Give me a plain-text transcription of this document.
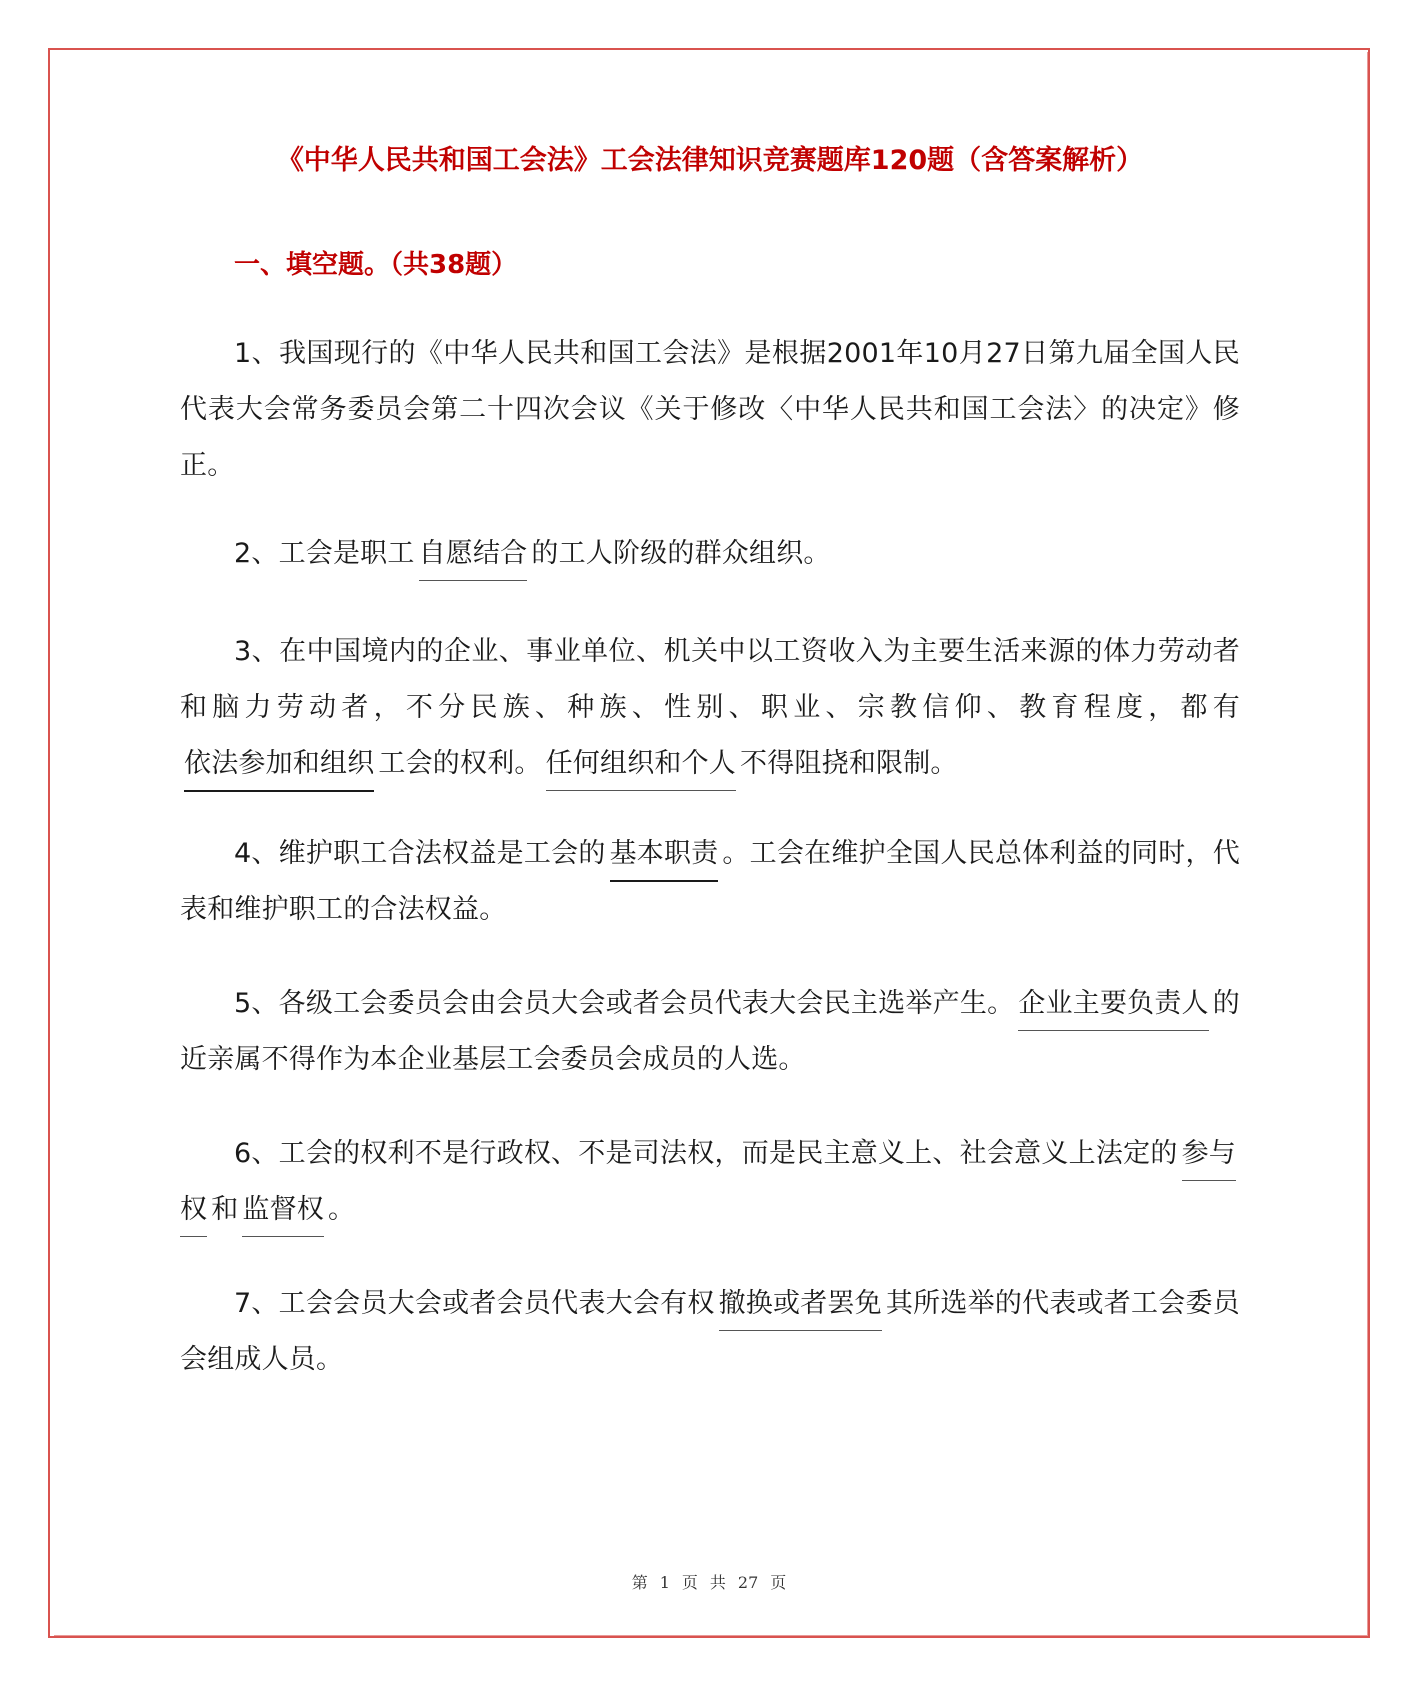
《中华人民共和国工会法》工会法律知识竞赛题库120题（含答案解析）
一、填空题。（共38题）
1、我国现行的《中华人民共和国工会法》是根据2001年10月27日第九届全国人民代表大会常务委员会第二十四次会议《关于修改〈中华人民共和国工会法〉的决定》修正。
2、工会是职工 自愿结合 的工人阶级的群众组织。
3、在中国境内的企业、事业单位、机关中以工资收入为主要生活来源的体力劳动者和脑力劳动者，不分民族、种族、性别、职业、宗教信仰、教育程度，都有依法参加和组织 工会的权利。 任何组织和个人 不得阻挠和限制。
4、维护职工合法权益是工会的 基本职责 。工会在维护全国人民总体利益的同时，代表和维护职工的合法权益。
5、各级工会委员会由会员大会或者会员代表大会民主选举产生。 企业主要负责人 的近亲属不得作为本企业基层工会委员会成员的人选。
6、工会的权利不是行政权、不是司法权，而是民主意义上、社会意义上法定的 参与权 和 监督权 。
7、工会会员大会或者会员代表大会有权 撤换或者罢免 其所选举的代表或者工会委员会组成人员。
第 1 页 共 27 页
